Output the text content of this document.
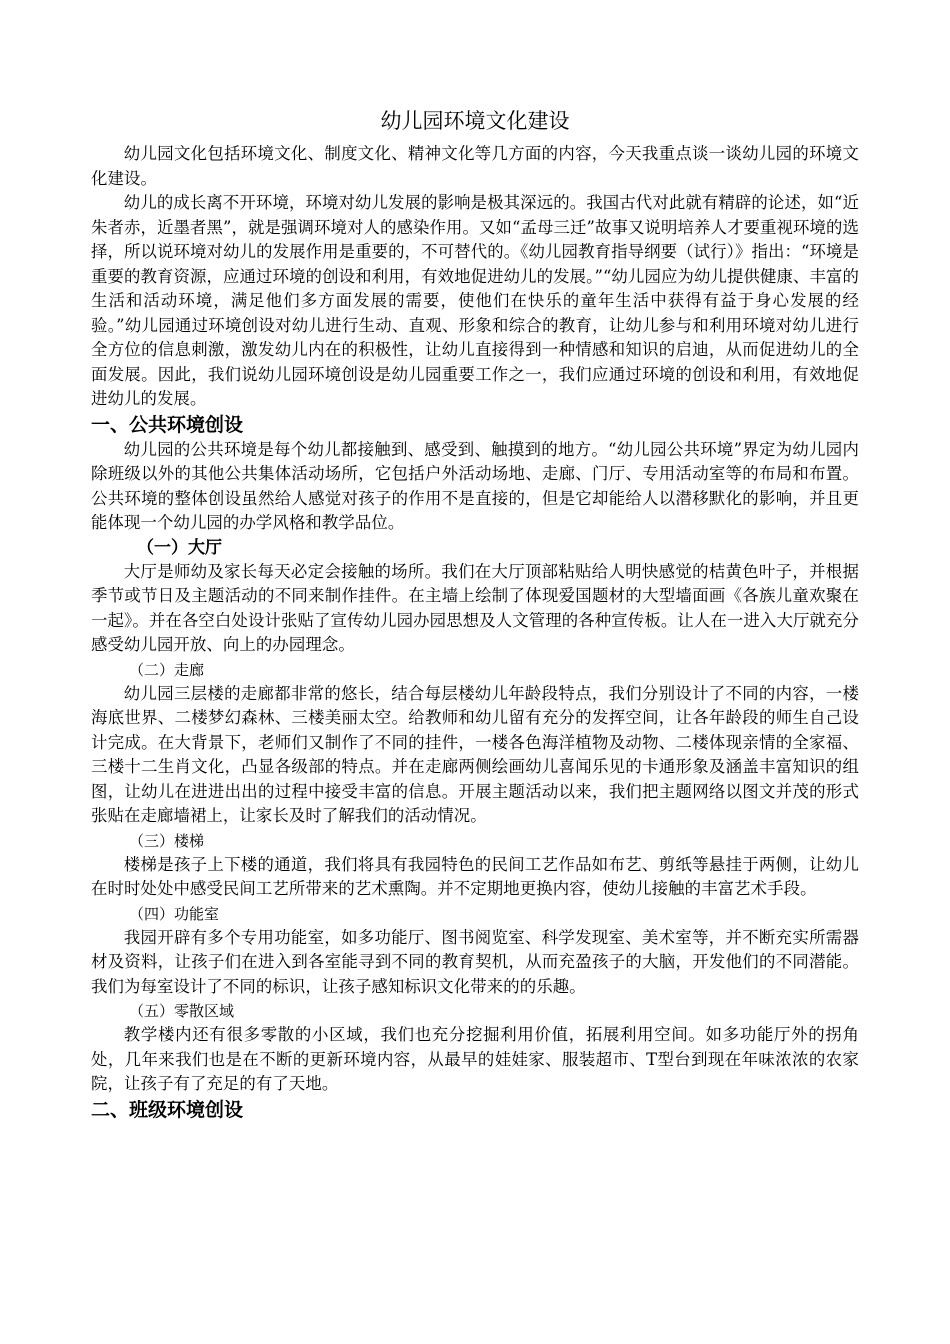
幼儿园环境文化建设

幼儿园文化包括环境文化、制度文化、精神文化等几方面的内容，今天我重点谈一谈幼儿园的环境文化建设。

幼儿的成长离不开环境，环境对幼儿发展的影响是极其深远的。我国古代对此就有精辟的论述，如“近朱者赤，近墨者黑”，就是强调环境对人的感染作用。又如“孟母三迁”故事又说明培养人才要重视环境的选择，所以说环境对幼儿的发展作用是重要的，不可替代的。《幼儿园教育指导纲要（试行）》指出：“环境是重要的教育资源，应通过环境的创设和利用，有效地促进幼儿的发展。”“幼儿园应为幼儿提供健康、丰富的生活和活动环境，满足他们多方面发展的需要，使他们在快乐的童年生活中获得有益于身心发展的经验。”幼儿园通过环境创设对幼儿进行生动、直观、形象和综合的教育，让幼儿参与和利用环境对幼儿进行全方位的信息刺激，激发幼儿内在的积极性，让幼儿直接得到一种情感和知识的启迪，从而促进幼儿的全面发展。因此，我们说幼儿园环境创设是幼儿园重要工作之一，我们应通过环境的创设和利用，有效地促进幼儿的发展。

一、公共环境创设

幼儿园的公共环境是每个幼儿都接触到、感受到、触摸到的地方。“幼儿园公共环境”界定为幼儿园内除班级以外的其他公共集体活动场所，它包括户外活动场地、走廊、门厅、专用活动室等的布局和布置。公共环境的整体创设虽然给人感觉对孩子的作用不是直接的，但是它却能给人以潜移默化的影响，并且更能体现一个幼儿园的办学风格和教学品位。

（一）大厅

大厅是师幼及家长每天必定会接触的场所。我们在大厅顶部粘贴给人明快感觉的桔黄色叶子，并根据季节或节日及主题活动的不同来制作挂件。在主墙上绘制了体现爱国题材的大型墙面画《各族儿童欢聚在一起》。并在各空白处设计张贴了宣传幼儿园办园思想及人文管理的各种宣传板。让人在一进入大厅就充分感受幼儿园开放、向上的办园理念。

（二）走廊

幼儿园三层楼的走廊都非常的悠长，结合每层楼幼儿年龄段特点，我们分别设计了不同的内容，一楼海底世界、二楼梦幻森林、三楼美丽太空。给教师和幼儿留有充分的发挥空间，让各年龄段的师生自己设计完成。在大背景下，老师们又制作了不同的挂件，一楼各色海洋植物及动物、二楼体现亲情的全家福、三楼十二生肖文化，凸显各级部的特点。并在走廊两侧绘画幼儿喜闻乐见的卡通形象及涵盖丰富知识的组图，让幼儿在进进出出的过程中接受丰富的信息。开展主题活动以来，我们把主题网络以图文并茂的形式张贴在走廊墙裙上，让家长及时了解我们的活动情况。

（三）楼梯

楼梯是孩子上下楼的通道，我们将具有我园特色的民间工艺作品如布艺、剪纸等悬挂于两侧，让幼儿在时时处处中感受民间工艺所带来的艺术熏陶。并不定期地更换内容，使幼儿接触的丰富艺术手段。

（四）功能室

我园开辟有多个专用功能室，如多功能厅、图书阅览室、科学发现室、美术室等，并不断充实所需器材及资料，让孩子们在进入到各室能寻到不同的教育契机，从而充盈孩子的大脑，开发他们的不同潜能。我们为每室设计了不同的标识，让孩子感知标识文化带来的的乐趣。

（五）零散区域

教学楼内还有很多零散的小区域，我们也充分挖掘利用价值，拓展利用空间。如多功能厅外的拐角处，几年来我们也是在不断的更新环境内容，从最早的娃娃家、服装超市、T型台到现在年味浓浓的农家院，让孩子有了充足的有了天地。

二、班级环境创设
